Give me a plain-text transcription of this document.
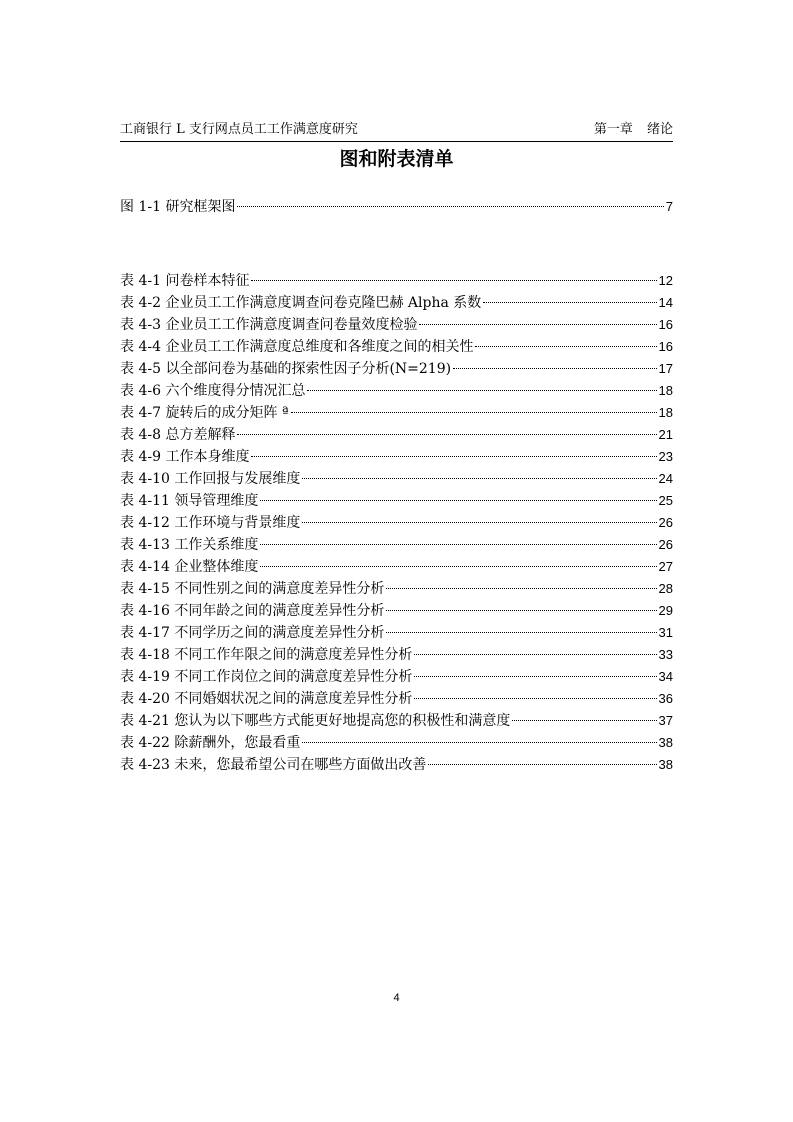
工商银行 L 支行网点员工工作满意度研究	第一章 绪论
图和附表清单
图 1-1 研究框架图	7
表 4-1 问卷样本特征	12
表 4-2 企业员工工作满意度调查问卷克隆巴赫 Alpha 系数	14
表 4-3 企业员工工作满意度调查问卷量效度检验	16
表 4-4 企业员工工作满意度总维度和各维度之间的相关性	16
表 4-5 以全部问卷为基础的探索性因子分析(N=219)	17
表 4-6 六个维度得分情况汇总	18
表 4-7 旋转后的成分矩阵 ª	18
表 4-8 总方差解释	21
表 4-9 工作本身维度	23
表 4-10 工作回报与发展维度	24
表 4-11 领导管理维度	25
表 4-12 工作环境与背景维度	26
表 4-13 工作关系维度	26
表 4-14 企业整体维度	27
表 4-15 不同性别之间的满意度差异性分析	28
表 4-16 不同年龄之间的满意度差异性分析	29
表 4-17 不同学历之间的满意度差异性分析	31
表 4-18 不同工作年限之间的满意度差异性分析	33
表 4-19 不同工作岗位之间的满意度差异性分析	34
表 4-20 不同婚姻状况之间的满意度差异性分析	36
表 4-21 您认为以下哪些方式能更好地提高您的积极性和满意度	37
表 4-22 除薪酬外，您最看重	38
表 4-23 未来，您最希望公司在哪些方面做出改善	38
4
